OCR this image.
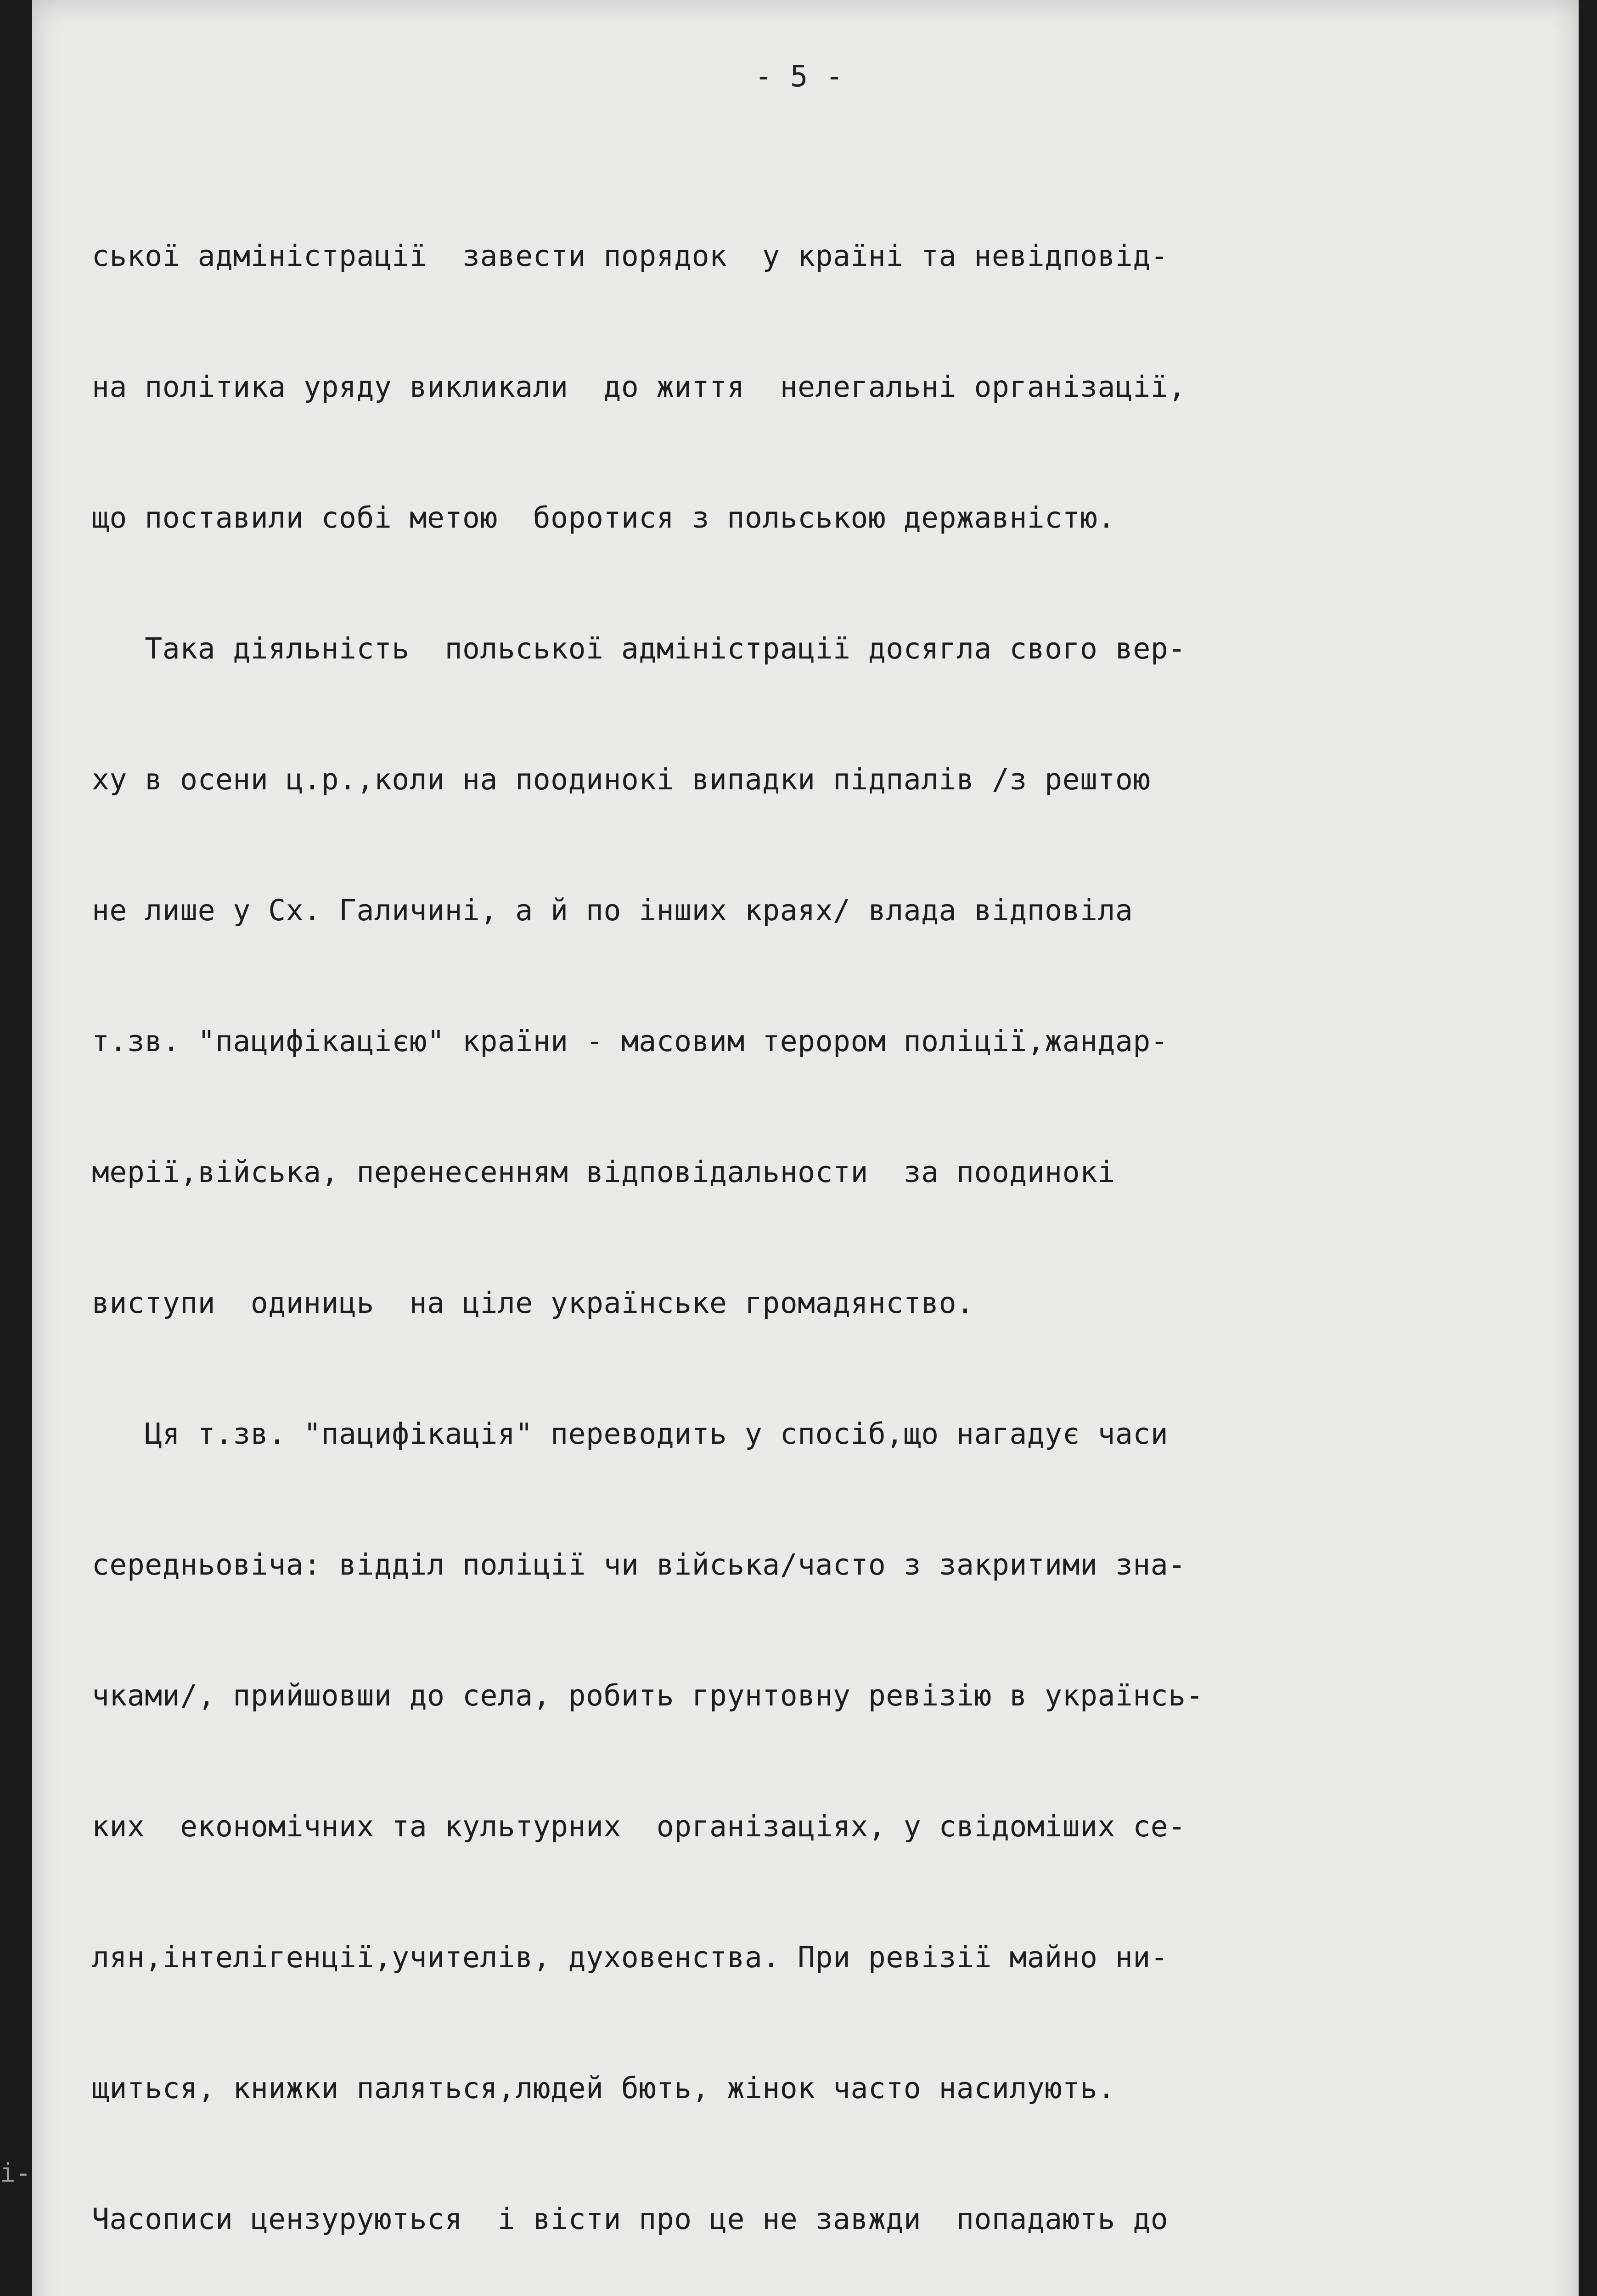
- 5 -

ської адміністрації  завести порядок  у країні та невідповід-

на політика уряду викликали  до життя  нелегальні організації,

що поставили собі метою  боротися з польською державністю.

Така діяльність  польської адміністрації досягла свого вер-

ху в осени ц.р.,коли на поодинокі випадки підпалів /з рештою

не лише у Сх. Галичині, а й по інших краях/ влада відповіла

т.зв. "пацифікацією" країни - масовим терором поліції,жандар-

мерії,війська, перенесенням відповідальности  за поодинокі

виступи  одиниць  на ціле українське громадянство.

Ця т.зв. "пацифікація" переводить у спосіб,що нагадує часи

середньовіча: відділ поліції чи війська/часто з закритими зна-

чками/, прийшовши до села, робить грунтовну ревізію в українсь-

ких  економічних та культурних  організаціях, у свідоміших се-

лян,інтелігенції,учителів, духовенства. При ревізії майно ни-

щиться, книжки паляться,людей бють, жінок часто насилують.

Часописи цензуруються  і вісти про це не завжди  попадають до

і-
